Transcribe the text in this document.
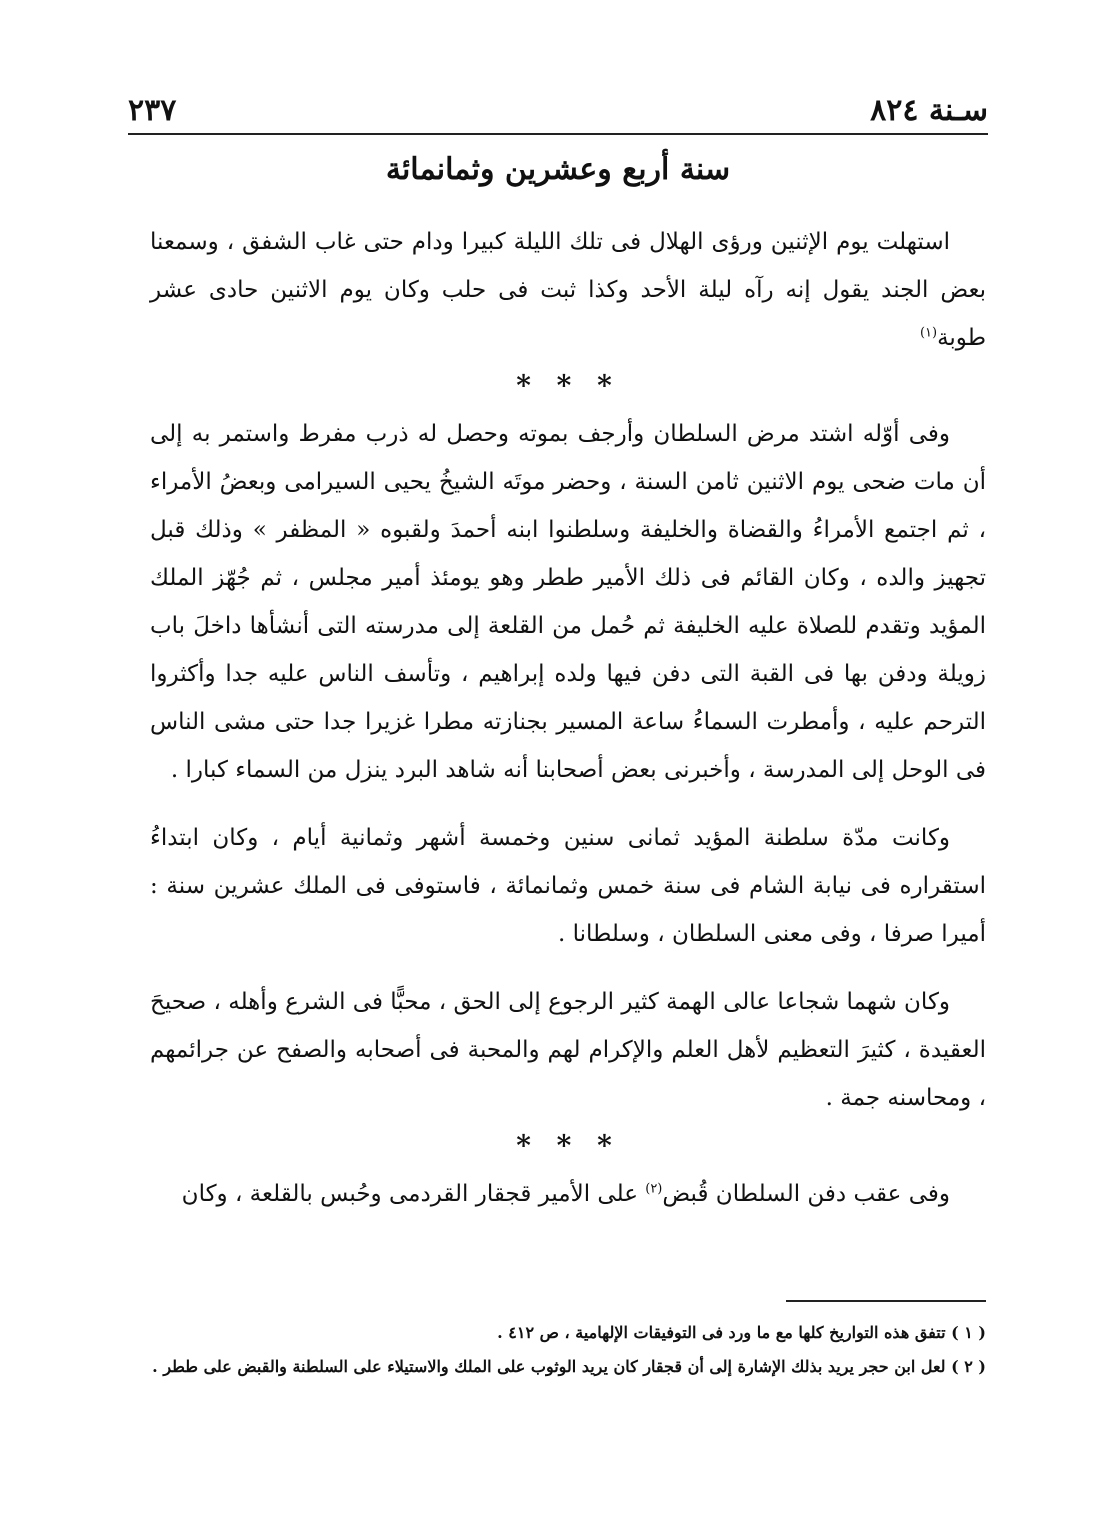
سـنة ٨٢٤
٢٣٧
سنة أربع وعشرين وثمانمائة

استهلت يوم الإثنين ورؤى الهلال فى تلك الليلة كبيرا ودام حتى غاب الشفق ، وسمعنا بعض الجند يقول إنه رآه ليلة الأحد وكذا ثبت فى حلب وكان يوم الاثنين حادى عشر طوبة$^{(١)}$

* * *

وفى أوّله اشتد مرض السلطان وأرجف بموته وحصل له ذرب مفرط واستمر به إلى أن مات ضحى يوم الاثنين ثامن السنة ، وحضر موتَه الشيخُ يحيى السيرامى وبعضُ الأمراء ، ثم اجتمع الأمراءُ والقضاة والخليفة وسلطنوا ابنه أحمدَ ولقبوه « المظفر » وذلك قبل تجهيز والده ، وكان القائم فى ذلك الأمير ططر وهو يومئذ أمير مجلس ، ثم جُهّز الملك المؤيد وتقدم للصلاة عليه الخليفة ثم حُمل من القلعة إلى مدرسته التى أنشأها داخلَ باب زويلة ودفن بها فى القبة التى دفن فيها ولده إبراهيم ، وتأسف الناس عليه جدا وأكثروا الترحم عليه ، وأمطرت السماءُ ساعة المسير بجنازته مطرا غزيرا جدا حتى مشى الناس فى الوحل إلى المدرسة ، وأخبرنى بعض أصحابنا أنه شاهد البرد ينزل من السماء كبارا .

وكانت مدّة سلطنة المؤيد ثمانى سنين وخمسة أشهر وثمانية أيام ، وكان ابتداءُ استقراره فى نيابة الشام فى سنة خمس وثمانمائة ، فاستوفى فى الملك عشرين سنة : أميرا صرفا ، وفى معنى السلطان ، وسلطانا .

وكان شهما شجاعا عالى الهمة كثير الرجوع إلى الحق ، محبًّا فى الشرع وأهله ، صحيحَ العقيدة ، كثيرَ التعظيم لأهل العلم والإكرام لهم والمحبة فى أصحابه والصفح عن جرائمهم ، ومحاسنه جمة .

* * *

وفى عقب دفن السلطان قُبض$^{(٢)}$ على الأمير قجقار القردمى وحُبس بالقلعة ، وكان

( ١ ) تتفق هذه التواريخ كلها مع ما ورد فى التوفيقات الإلهامية ، ص ٤١٢ .

( ٢ ) لعل ابن حجر يريد بذلك الإشارة إلى أن قجقار كان يريد الوثوب على الملك والاستيلاء على السلطنة والقبض على ططر .
